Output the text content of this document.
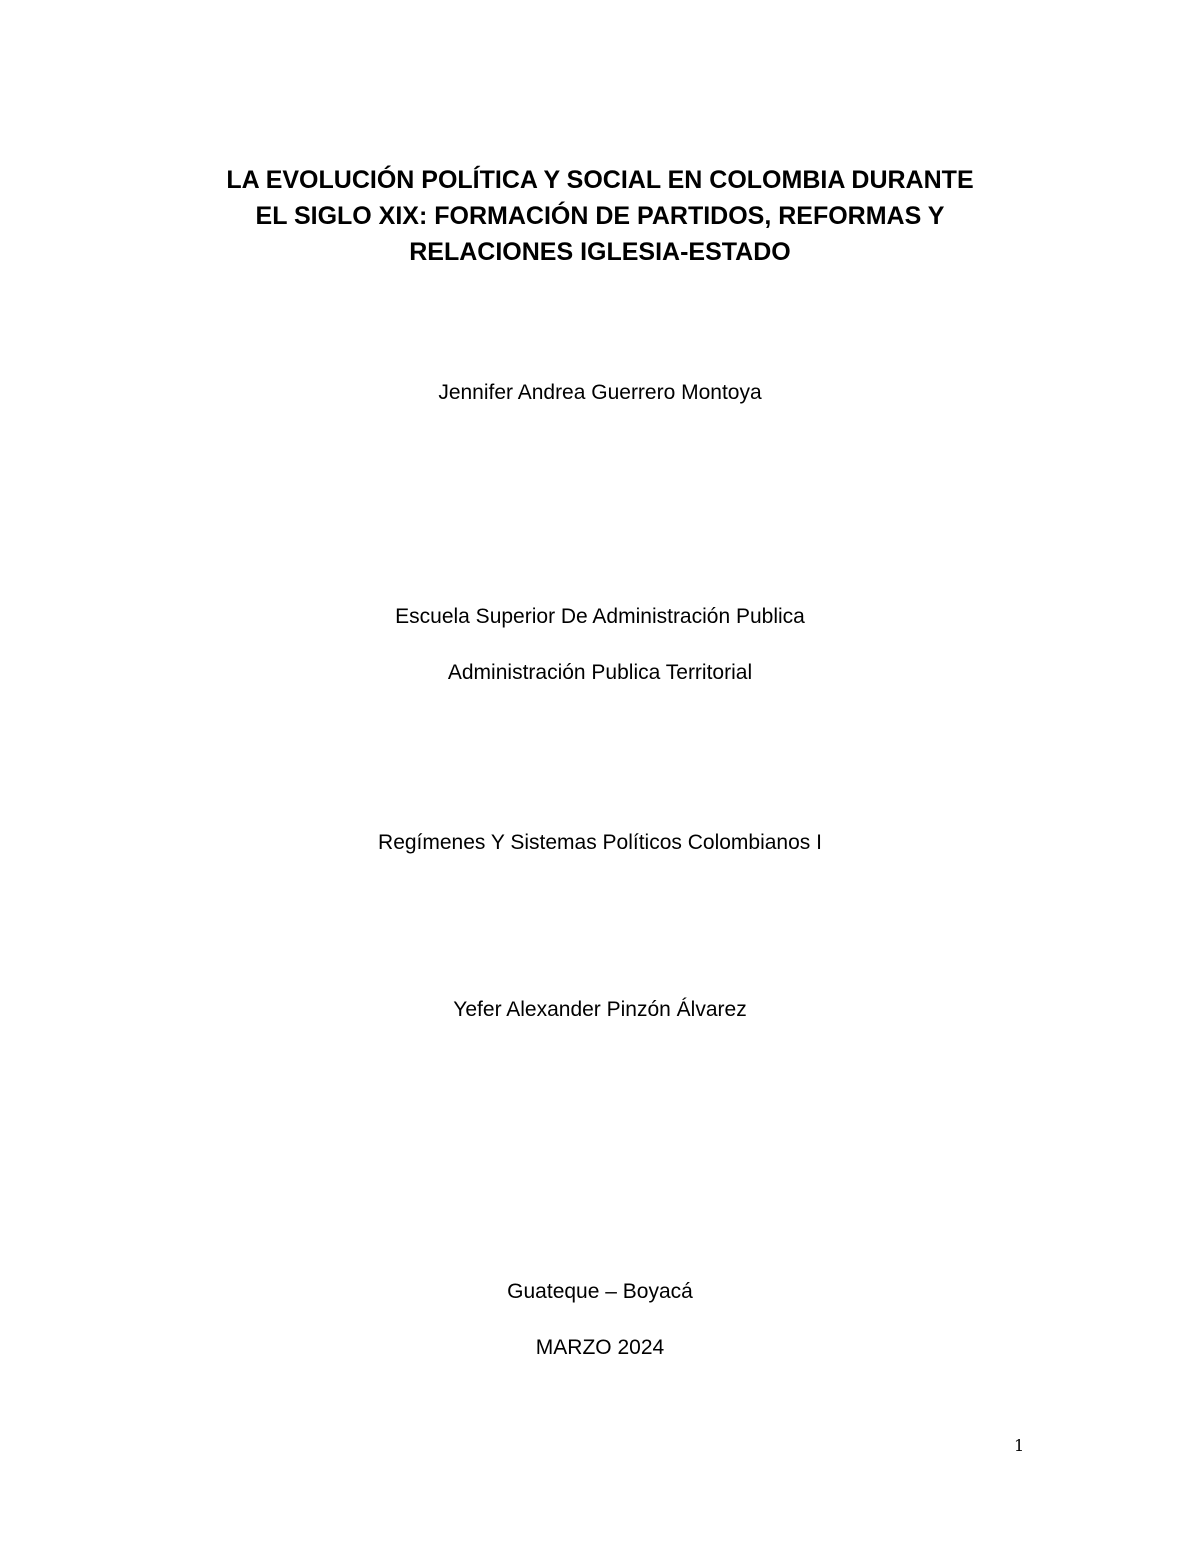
LA EVOLUCIÓN POLÍTICA Y SOCIAL EN COLOMBIA DURANTE
EL SIGLO XIX: FORMACIÓN DE PARTIDOS, REFORMAS Y
RELACIONES IGLESIA-ESTADO
Jennifer Andrea Guerrero Montoya
Escuela Superior De Administración Publica
Administración Publica Territorial
Regímenes Y Sistemas Políticos Colombianos I
Yefer Alexander Pinzón Álvarez
Guateque – Boyacá
MARZO 2024
1
